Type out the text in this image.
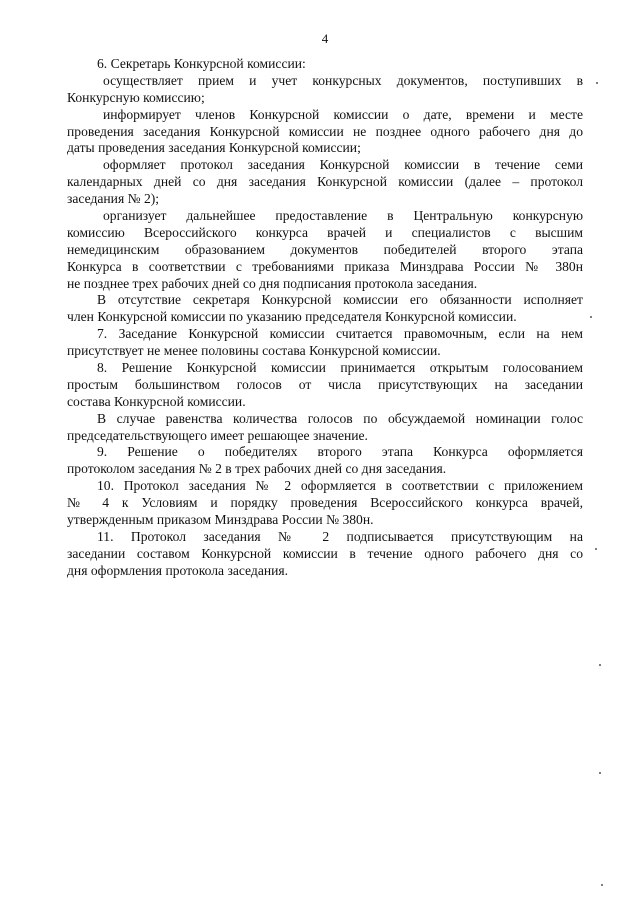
4
6. Секретарь Конкурсной комиссии:
осуществляет прием и учет конкурсных документов, поступивших в
Конкурсную комиссию;
информирует членов Конкурсной комиссии о дате, времени и месте
проведения заседания Конкурсной комиссии не позднее одного рабочего дня до
даты проведения заседания Конкурсной комиссии;
оформляет протокол заседания Конкурсной комиссии в течение семи
календарных дней со дня заседания Конкурсной комиссии (далее – протокол
заседания № 2);
организует дальнейшее предоставление в Центральную конкурсную
комиссию Всероссийского конкурса врачей и специалистов с высшим
немедицинским образованием документов победителей второго этапа
Конкурса в соответствии с требованиями приказа Минздрава России № 380н
не позднее трех рабочих дней со дня подписания протокола заседания.
В отсутствие секретаря Конкурсной комиссии его обязанности исполняет
член Конкурсной комиссии по указанию председателя Конкурсной комиссии.
7. Заседание Конкурсной комиссии считается правомочным, если на нем
присутствует не менее половины состава Конкурсной комиссии.
8. Решение Конкурсной комиссии принимается открытым голосованием
простым большинством голосов от числа присутствующих на заседании
состава Конкурсной комиссии.
В случае равенства количества голосов по обсуждаемой номинации голос
председательствующего имеет решающее значение.
9. Решение о победителях второго этапа Конкурса оформляется
протоколом заседания № 2 в трех рабочих дней со дня заседания.
10. Протокол заседания № 2 оформляется в соответствии с приложением
№ 4 к Условиям и порядку проведения Всероссийского конкурса врачей,
утвержденным приказом Минздрава России № 380н.
11. Протокол заседания № 2 подписывается присутствующим на
заседании составом Конкурсной комиссии в течение одного рабочего дня со
дня оформления протокола заседания.
